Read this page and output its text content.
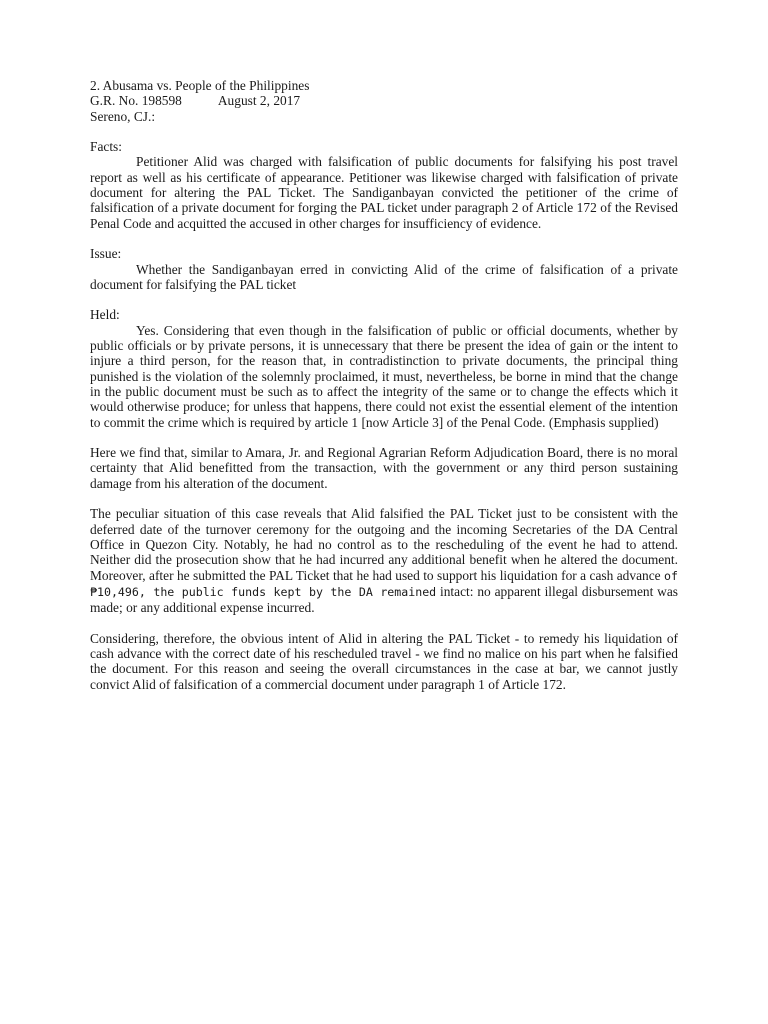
2. Abusama vs. People of the Philippines
G.R. No. 198598	August 2, 2017
Sereno, CJ.:
Facts:

Petitioner Alid was charged with falsification of public documents for falsifying his post travel report as well as his certificate of appearance. Petitioner was likewise charged with falsification of private document for altering the PAL Ticket. The Sandiganbayan convicted the petitioner of the crime of falsification of a private document for forging the PAL ticket under paragraph 2 of Article 172 of the Revised Penal Code and acquitted the accused in other charges for insufficiency of evidence.

Issue:

Whether the Sandiganbayan erred in convicting Alid of the crime of falsification of a private document for falsifying the PAL ticket

Held:

Yes. Considering that even though in the falsification of public or official documents, whether by public officials or by private persons, it is unnecessary that there be present the idea of gain or the intent to injure a third person, for the reason that, in contradistinction to private documents, the principal thing punished is the violation of the solemnly proclaimed, it must, nevertheless, be borne in mind that the change in the public document must be such as to affect the integrity of the same or to change the effects which it would otherwise produce; for unless that happens, there could not exist the essential element of the intention to commit the crime which is required by article 1 [now Article 3] of the Penal Code. (Emphasis supplied)

Here we find that, similar to Amara, Jr. and Regional Agrarian Reform Adjudication Board, there is no moral certainty that Alid benefitted from the transaction, with the government or any third person sustaining damage from his alteration of the document.

The peculiar situation of this case reveals that Alid falsified the PAL Ticket just to be consistent with the deferred date of the turnover ceremony for the outgoing and the incoming Secretaries of the DA Central Office in Quezon City. Notably, he had no control as to the rescheduling of the event he had to attend. Neither did the prosecution show that he had incurred any additional benefit when he altered the document. Moreover, after he submitted the PAL Ticket that he had used to support his liquidation for a cash advance of ₱10,496, the public funds kept by the DA remained intact: no apparent illegal disbursement was made; or any additional expense incurred.

Considering, therefore, the obvious intent of Alid in altering the PAL Ticket - to remedy his liquidation of cash advance with the correct date of his rescheduled travel - we find no malice on his part when he falsified the document. For this reason and seeing the overall circumstances in the case at bar, we cannot justly convict Alid of falsification of a commercial document under paragraph 1 of Article 172.
